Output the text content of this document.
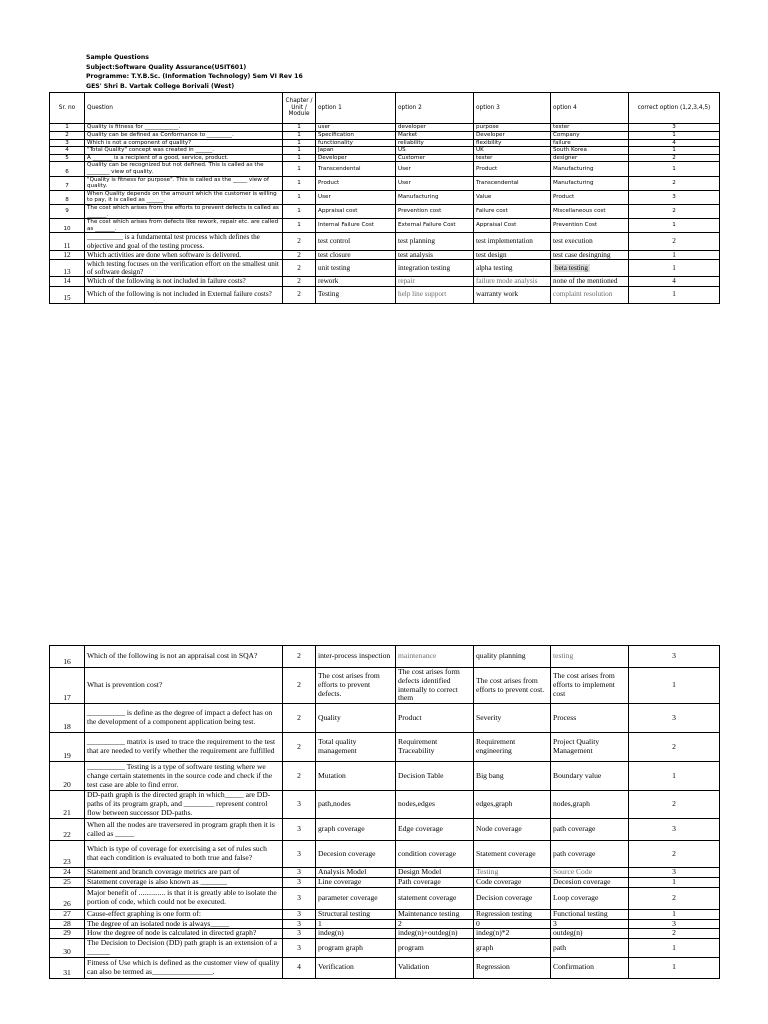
Sample Questions
Subject:Software Quality Assurance(USIT601)
Programme: T.Y.B.Sc. (Information Technology) Sem VI Rev 16
GES' Shri B. Vartak College Borivali (West)
Sr. no	Question	Chapter / Unit / Module	option 1	option 2	option 3	option 4	correct option (1,2,3,4,5)
1	Quality is fitness for ____________.	1	user	developer	purpose	tester	3
2	Quality can be defined as Conformance to _________.	1	Specification	Market	Developer	Company	1
3	Which is not a component of quality?	1	functionality	reliability	flexibility	failure	4
4	"Total Quality" concept was created in ______.	1	Japan	US	UK	South Korea	1
5	A _______ is a recipient of a good, service, product.	1	Developer	Customer	tester	designer	2
6	Quality can be recognized but not defined. This is called as the ________ view of quality.	1	Transcendental	User	Product	Manufacturing	1
7	"Quality is fitness for purpose". This is called as the _____ view of quality.	1	Product	User	Transcendental	Manufacturing	2
8	When Quality depends on the amount which the customer is willing to pay, it is called as ______.	1	User	Manufacturing	Value	Product	3
9	The cost which arises from the efforts to prevent defects is called as _______.	1	Appraisal cost	Prevention cost	Failure cost	Miscellaneous cost	2
10	The cost which arises from defects like rework, repair etc. are called as _______.	1	Internal Failure Cost	External Failure Cost	Appraisal Cost	Prevention Cost	1
11	__________ is a fundamental test process which defines the objective and goal of the testing process.	2	test control	test planning	test implementation	test execution	2
12	Which activities are done when software is delivered.	2	test closure	test analysis	test design	test case desingning	1
13	which testing focuses on the verification effort on the smallest unit of software design?	2	unit testing	integration testing	alpha testing	beta testing	1
14	Which of the following is not included in failure costs?	2	rework	repair	failure mode analysis	none of the mentioned	4
15	Which of the following is not included in External failure costs?	2	Testing	help line support	warranty work	complaint resolution	1
16	Which of the following is not an appraisal cost in SQA?	2	inter-process inspection	maintenance	quality planning	testing	3
17	What is prevention cost?	2	The cost arises from efforts to prevent defects.	The cost arises form defects identified internally to correct them	The cost arises from efforts to prevent cost.	The cost arises from efforts to implement cost	1
18	__________ is define as the degree of impact a defect has on the development of a component application being test.	2	Quality	Product	Severity	Process	3
19	__________ matrix is used to trace the requirement to the test that are needed to verify whether the requirement are fulfilled	2	Total quality management	Requirement Traceability	Requirement engineering	Project Quality Management	2
20	__________ Testing is a type of software testing where we change certain statements in the source code and check if the test case are able to find error.	2	Mutation	Decision Table	Big bang	Boundary value	1
21	DD-path graph is the directed graph in which_____ are DD-paths of its program graph, and ________ represent control flow between successor DD-paths.	3	path,nodes	nodes,edges	edges,graph	nodes,graph	2
22	When all the nodes are traversered in program graph then it is called as _____	3	graph coverage	Edge coverage	Node coverage	path coverage	3
23	Which is type of coverage for exercising a set of rules such that each condition is evaluated to both true and false?	3	Decesion coverage	condition coverage	Statement coverage	path coverage	2
24	Statement and branch coverage metrics are part of	3	Analysis Model	Design Model	Testing	Source Code	3
25	Statement coverage is also known as _______	3	Line coverage	Path coverage	Code coverage	Decesion coverage	1
26	Major benefit of .............. is that it is greatly able to isolate the portion of code, which could not be executed.	3	parameter coverage	statement coverage	Decision coverage	Loop coverage	2
27	Cause-effect graphing is one form of:	3	Structural testing	Maintenance testing	Regression testing	Functional testing	1
28	The degree of an isolated node is always_____	3	1	2	0	3	3
29	How the degree of node is calculated in directed graph?	3	indeg(n)	indeg(n)+outdeg(n)	indeg(n)*2	outdeg(n)	2
30	The Decision to Decision (DD) path graph is an extension of a ______	3	program graph	program	graph	path	1
31	Fitness of Use which is defined as the customer view of quality can also be termed as________________.	4	Verification	Validation	Regression	Confirmation	1
